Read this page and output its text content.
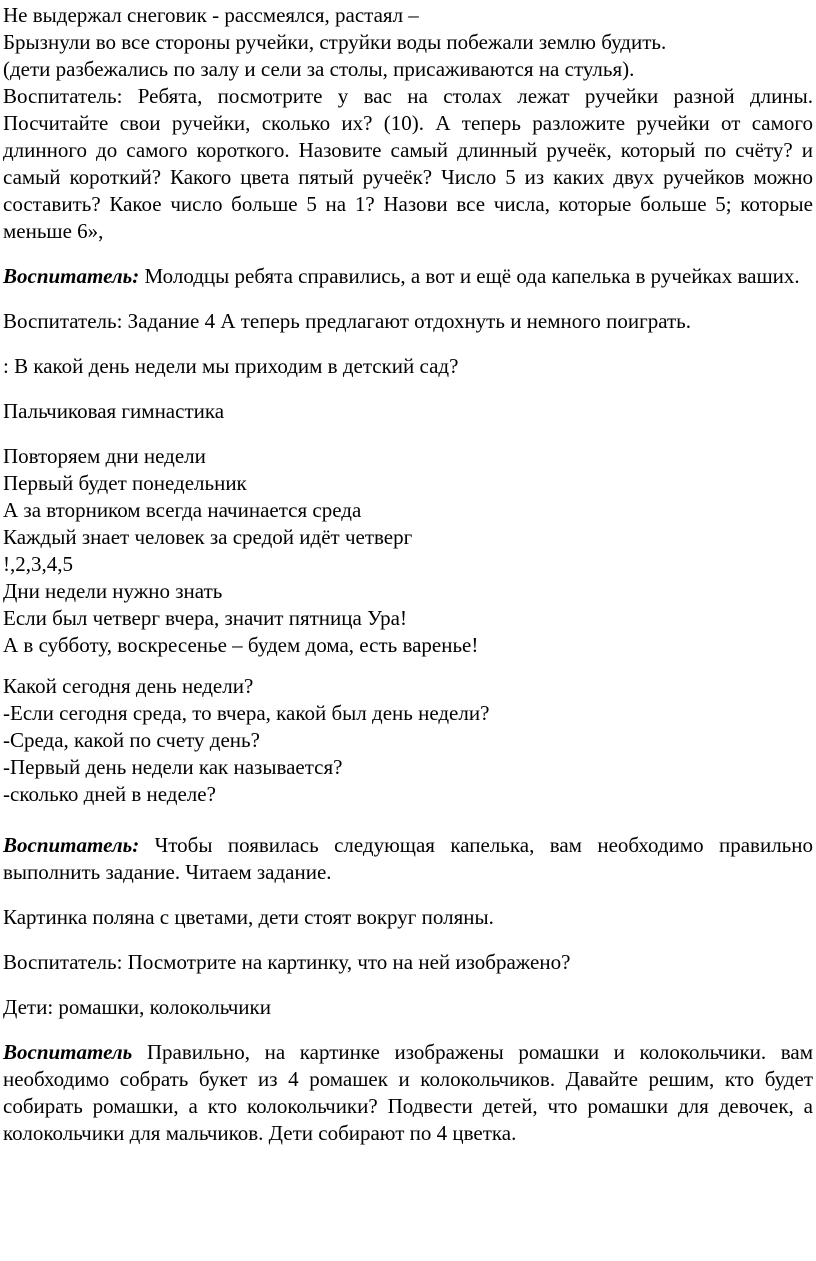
Не выдержал снеговик - рассмеялся, растаял –
Брызнули во все стороны ручейки, струйки воды побежали землю будить.
(дети разбежались по залу и сели за столы, присаживаются на стулья).

Воспитатель: Ребята, посмотрите у вас на столах лежат ручейки разной длины. Посчитайте свои ручейки, сколько их? (10). А теперь разложите ручейки от самого длинного до самого короткого. Назовите самый длинный ручеёк, который по счёту? и самый короткий? Какого цвета пятый ручеёк? Число 5 из каких двух ручейков можно составить? Какое число больше 5 на 1? Назови все числа, которые больше 5; которые меньше 6»,

Воспитатель: Молодцы ребята справились, а вот и ещё ода капелька в ручейках ваших.

Воспитатель: Задание 4 А теперь предлагают отдохнуть и немного поиграть.

: В какой день недели мы приходим в детский сад?

Пальчиковая гимнастика

Повторяем дни недели
Первый будет понедельник
А за вторником всегда начинается среда
Каждый знает человек за средой идёт четверг
!,2,3,4,5
Дни недели нужно знать
Если был четверг вчера, значит пятница Ура!
А в субботу, воскресенье – будем дома, есть варенье!
Какой сегодня день недели?
-Если сегодня среда, то вчера, какой был день недели?
-Среда, какой по счету день?
-Первый день недели как называется?
-сколько дней в неделе?

Воспитатель: Чтобы появилась следующая капелька, вам необходимо правильно выполнить задание. Читаем задание.

Картинка поляна с цветами, дети стоят вокруг поляны.

Воспитатель: Посмотрите на картинку, что на ней изображено?

Дети: ромашки, колокольчики

Воспитатель Правильно, на картинке изображены ромашки и колокольчики. вам необходимо собрать букет из 4 ромашек и колокольчиков. Давайте решим, кто будет собирать ромашки, а кто колокольчики? Подвести детей, что ромашки для девочек, а колокольчики для мальчиков. Дети собирают по 4 цветка.
